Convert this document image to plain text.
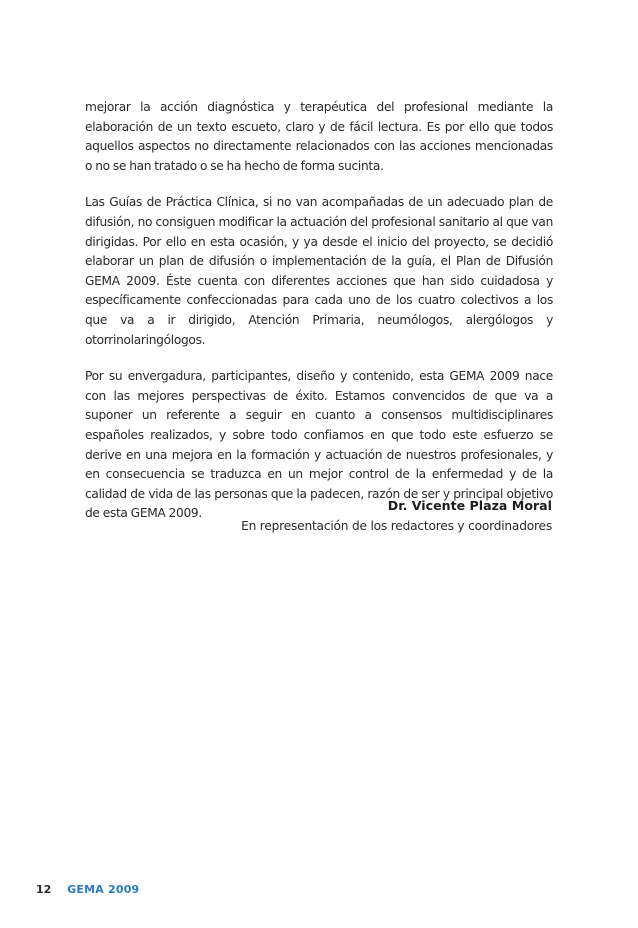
mejorar la acción diagnóstica y terapéutica del profesional mediante la elaboración de un texto escueto, claro y de fácil lectura. Es por ello que todos aquellos aspectos no directamente relacionados con las acciones mencionadas o no se han tratado o se ha hecho de forma sucinta.

Las Guías de Práctica Clínica, si no van acompañadas de un adecuado plan de difusión, no consiguen modificar la actuación del profesional sanitario al que van dirigidas. Por ello en esta ocasión, y ya desde el inicio del proyecto, se decidió elaborar un plan de difusión o implementación de la guía, el Plan de Difusión GEMA 2009. Éste cuenta con diferentes acciones que han sido cuidadosa y específicamente confeccionadas para cada uno de los cuatro colectivos a los que va a ir dirigido, Atención Primaria, neumólogos, alergólogos y otorrinolaringólogos.

Por su envergadura, participantes, diseño y contenido, esta GEMA 2009 nace con las mejores perspectivas de éxito. Estamos convencidos de que va a suponer un referente a seguir en cuanto a consensos multidisciplinares españoles realizados, y sobre todo confiamos en que todo este esfuerzo se derive en una mejora en la formación y actuación de nuestros profesionales, y en consecuencia se traduzca en un mejor control de la enfermedad y de la calidad de vida de las personas que la padecen, razón de ser y principal objetivo de esta GEMA 2009.

Dr. Vicente Plaza Moral
En representación de los redactores y coordinadores
12 GEMA 2009
